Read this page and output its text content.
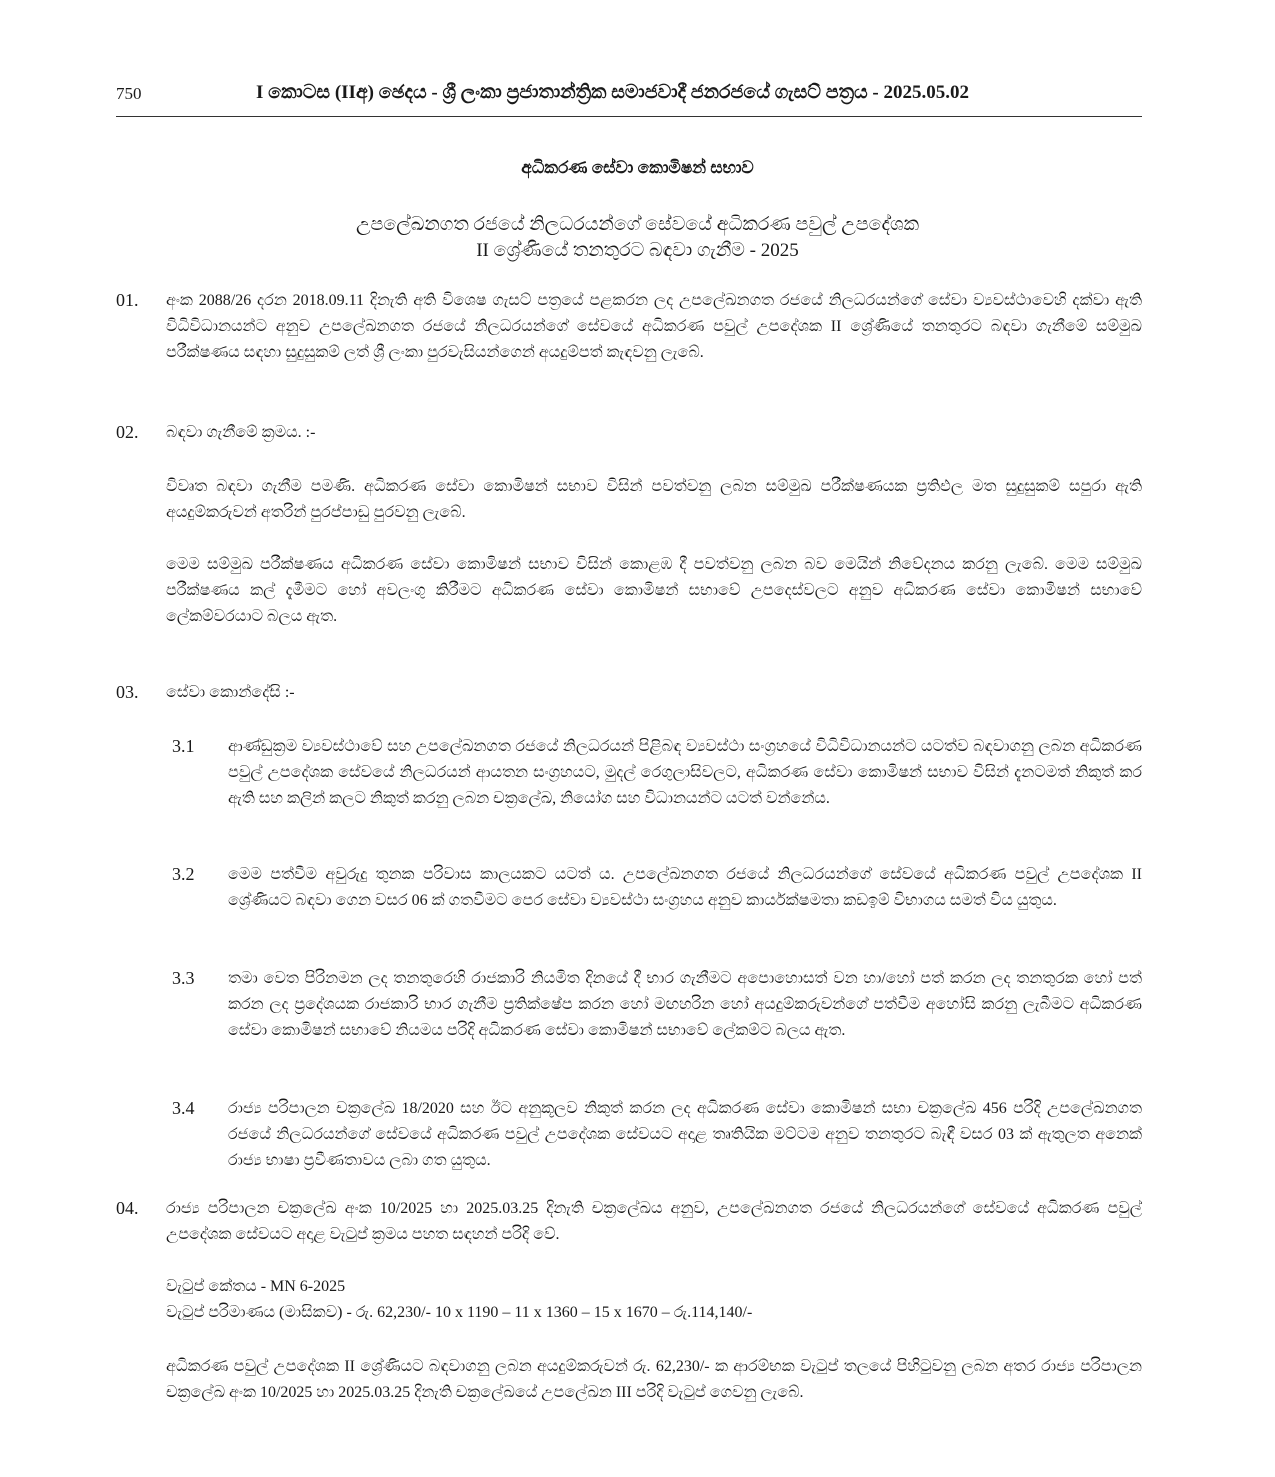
750	I කොටස (IIඅ) ඡෙදය - ශ්‍රී ලංකා ප්‍රජාතාන්ත්‍රික සමාජවාදී ජනරජයේ ගැසට් පත්‍රය - 2025.05.02
අධිකරණ සේවා කොමිෂන් සභාව
උපලේඛනගත රජයේ නිලධරයන්ගේ සේවයේ අධිකරණ පවුල් උපදේශක
II ශ්‍රේණියේ තනතුරට බඳවා ගැනීම - 2025
01. අංක 2088/26 දරන 2018.09.11 දිනැති අති විශෙෂ ගැසට් පත්‍රයේ පළකරන ලද උපලේඛනගත රජයේ නිලධරයන්ගේ සේවා ව්‍යවස්ථාවෙහි දක්වා ඇති විධිවිධානයන්ට අනුව උපලේඛනගත රජයේ නිලධරයන්ගේ සේවයේ අධිකරණ පවුල් උපදේශක II ශ්‍රේණියේ තනතුරට බඳවා ගැනීමේ සම්මුඛ පරීක්ෂණය සඳහා සුදුසුකම් ලත් ශ්‍රී ලංකා පුරවැසියන්ගෙන් අයදුම්පත් කැඳවනු ලැබේ.
02. බඳවා ගැනීමේ ක්‍රමය. :-
විවෘත බඳවා ගැනීම පමණි. අධිකරණ සේවා කොමිෂන් සභාව විසින් පවත්වනු ලබන සම්මුඛ පරීක්ෂණයක ප්‍රතිඵල මත සුදුසුකම් සපුරා ඇති අයදුම්කරුවන් අතරින් පුරප්පාඩු පුරවනු ලැබේ.
මෙම සම්මුඛ පරීක්ෂණය අධිකරණ සේවා කොමිෂන් සභාව විසින් කොළඹ දී පවත්වනු ලබන බව මෙයින් නිවේදනය කරනු ලැබේ. මෙම සම්මුඛ පරීක්ෂණය කල් දැමීමට හෝ අවලංගු කිරීමට අධිකරණ සේවා කොමිෂන් සභාවේ උපදෙස්වලට අනුව අධිකරණ සේවා කොමිෂන් සභාවේ ලේකම්වරයාට බලය ඇත.
03. සේවා කොන්දේසි :-
3.1 ආණ්ඩුක්‍රම ව්‍යවස්ථාවේ සහ උපලේඛනගත රජයේ නිලධරයන් පිළිබඳ ව්‍යවස්ථා සංග්‍රහයේ විධිවිධානයන්ට යටත්ව බඳවාගනු ලබන අධිකරණ පවුල් උපදේශක සේවයේ නිලධරයන් ආයතන සංග්‍රහයට, මුදල් රෙගුලාසිවලට, අධිකරණ සේවා කොමිෂන් සභාව විසින් දැනටමත් නිකුත් කර ඇති සහ කලින් කලට නිකුත් කරනු ලබන චක්‍රලේඛ, නියෝග සහ විධානයන්ට යටත් වන්නේය.
3.2 මෙම පත්වීම අවුරුදු තුනක පරිවාස කාලයකට යටත් ය. උපලේඛනගත රජයේ නිලධරයන්ගේ සේවයේ අධිකරණ පවුල් උපදේශක II ශ්‍රේණියට බඳවා ගෙන වසර 06 ක් ගතවීමට පෙර සේවා ව්‍යවස්ථා සංග්‍රහය අනුව කාර්යක්ෂමතා කඩඉම් විභාගය සමත් විය යුතුය.
3.3 තමා වෙත පිරිනමන ලද තනතුරෙහි රාජකාරි නියමිත දිනයේ දී භාර ගැනීමට අපොහොසත් වන හා/හෝ පත් කරන ලද තනතුරක හෝ පත් කරන ලද ප්‍රදේශයක රාජකාරි භාර ගැනීම ප්‍රතික්ෂේප කරන හෝ මඟහරින හෝ අයදුම්කරුවන්ගේ පත්වීම අහෝසි කරනු ලැබීමට අධිකරණ සේවා කොමිෂන් සභාවේ නියමය පරිදි අධිකරණ සේවා කොමිෂන් සභාවේ ලේකම්ට බලය ඇත.
3.4 රාජ්‍ය පරිපාලන චක්‍රලේඛ 18/2020 සහ ඊට අනුකූලව නිකුත් කරන ලද අධිකරණ සේවා කොමිෂන් සභා චක්‍රලේඛ 456 පරිදි උපලේඛනගත රජයේ නිලධරයන්ගේ සේවයේ අධිකරණ පවුල් උපදේශක සේවයට අදාළ තෘතියික මට්ටම අනුව තනතුරට බැඳී වසර 03 ක් ඇතුලත අනෙක් රාජ්‍ය භාෂා ප්‍රවීණතාවය ලබා ගත යුතුය.
04. රාජ්‍ය පරිපාලන චක්‍රලේඛ අංක 10/2025 හා 2025.03.25 දිනැති චක්‍රලේඛය අනුව, උපලේඛනගත රජයේ නිලධරයන්ගේ සේවයේ අධිකරණ පවුල් උපදේශක සේවයට අදාළ වැටුප් ක්‍රමය පහත සඳහන් පරිදි වේ.
වැටුප් කේතය - MN 6-2025
වැටුප් පරිමාණය (මාසිකව) - රු. 62,230/- 10 x 1190 – 11 x 1360 – 15 x 1670 – රු.114,140/-
අධිකරණ පවුල් උපදේශක II ශ්‍රේණියට බඳවාගනු ලබන අයදුම්කරුවන් රු. 62,230/- ක ආරම්භක වැටුප් තලයේ පිහිටුවනු ලබන අතර රාජ්‍ය පරිපාලන චක්‍රලේඛ අංක 10/2025 හා 2025.03.25 දිනැති චක්‍රලේඛයේ උපලේඛන III පරිදි වැටුප් ගෙවනු ලැබේ.
